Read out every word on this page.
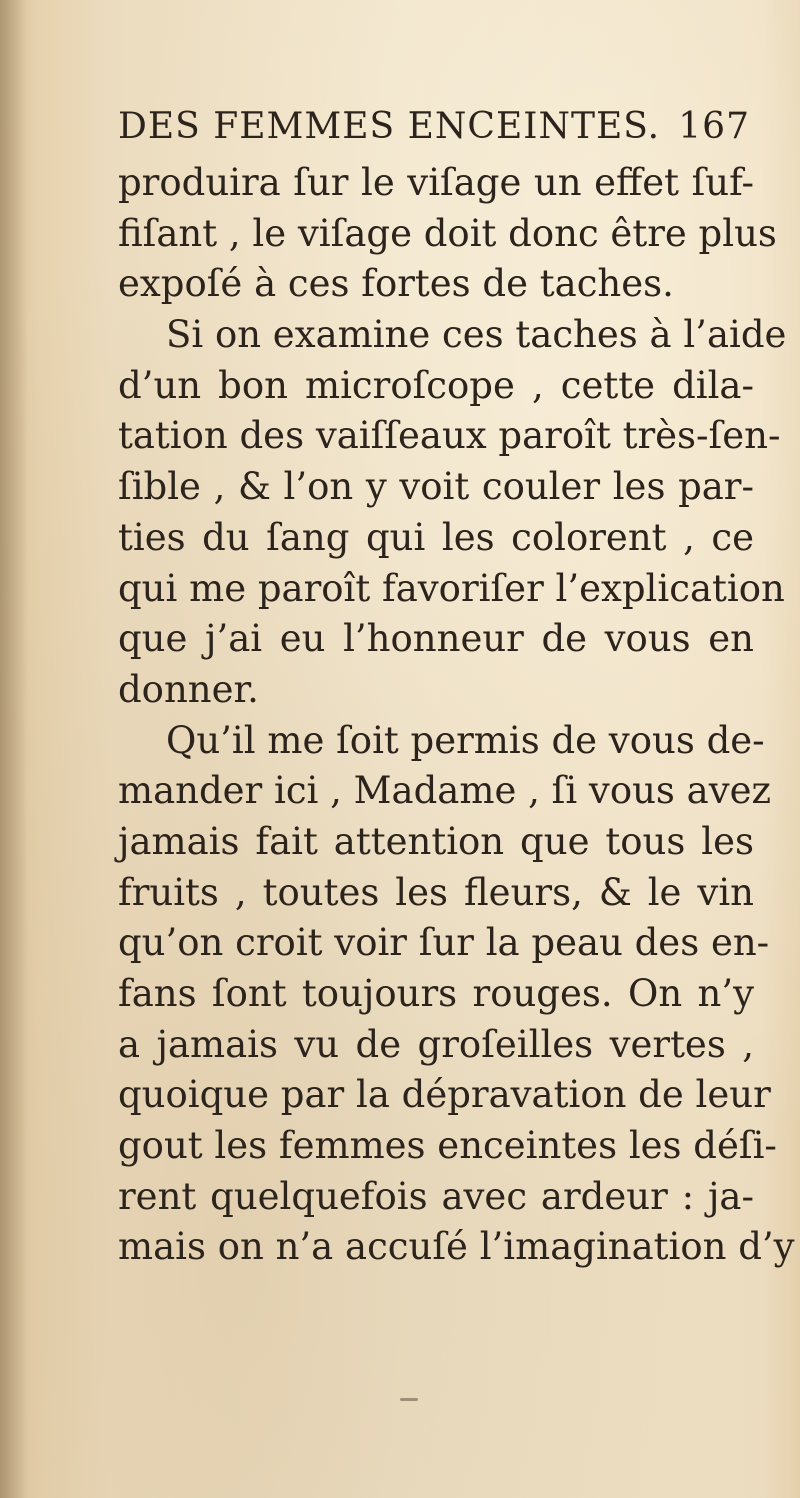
DES FEMMES ENCEINTES. 167
produira ſur le viſage un effet ſuf-
fiſant , le viſage doit donc être plus
expoſé à ces fortes de taches.
Si on examine ces taches à l’aide
d’un bon microſcope , cette dila-
tation des vaiſſeaux paroît très-ſen-
ſible , & l’on y voit couler les par-
ties du ſang qui les colorent , ce
qui me paroît favoriſer l’explication
que j’ai eu l’honneur de vous en
donner.
Qu’il me ſoit permis de vous de-
mander ici , Madame , ſi vous avez
jamais fait attention que tous les
fruits , toutes les fleurs, & le vin
qu’on croit voir ſur la peau des en-
fans ſont toujours rouges. On n’y
a jamais vu de groſeilles vertes ,
quoique par la dépravation de leur
gout les femmes enceintes les déſi-
rent quelquefois avec ardeur : ja-
mais on n’a accuſé l’imagination d’y
